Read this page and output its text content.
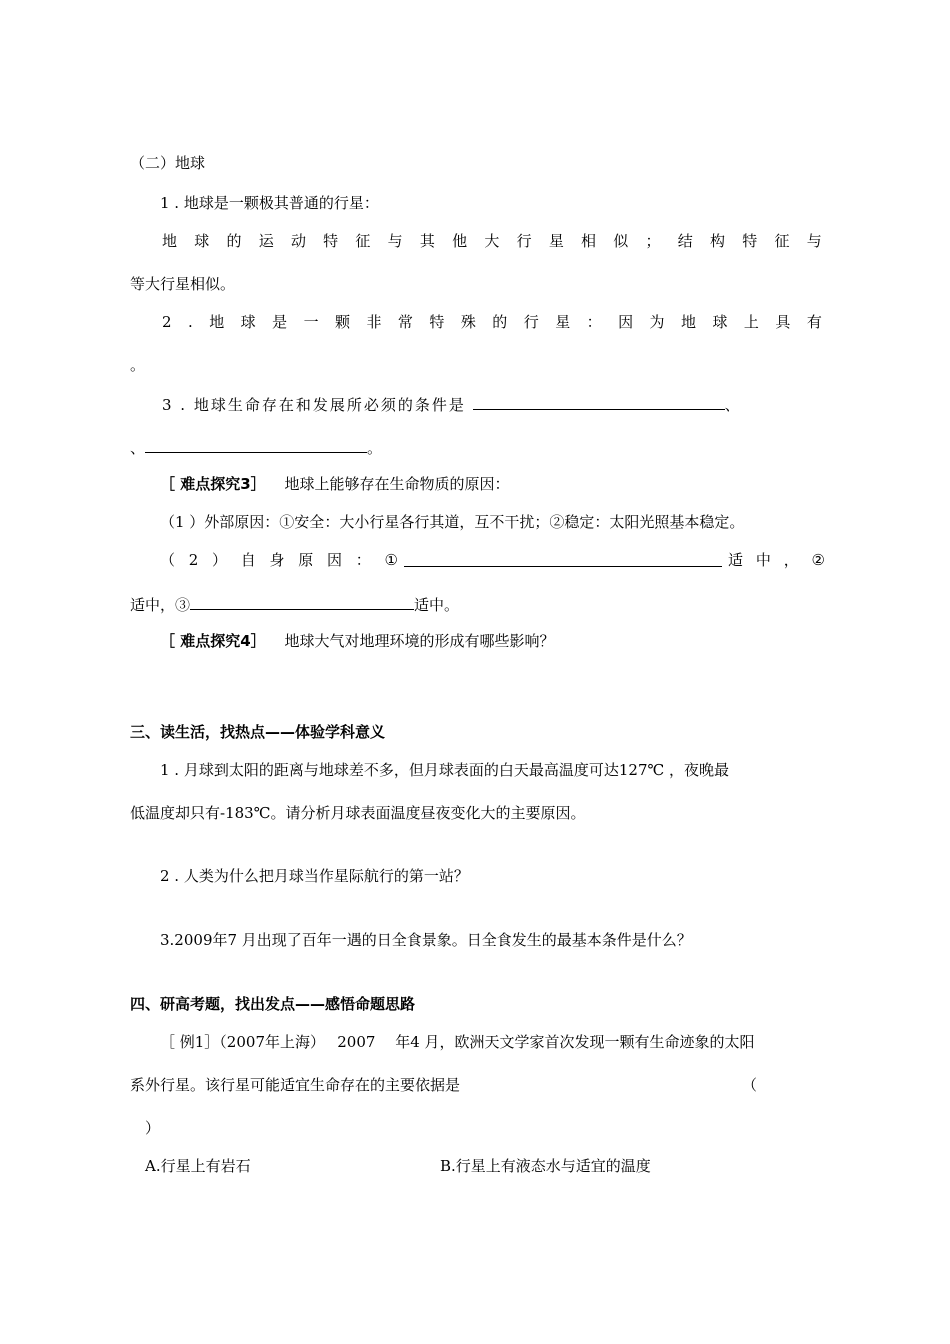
（二）地球
1 . 地球是一颗极其普通的行星：
地 球 的 运 动 特 征 与 其 他 大 行 星 相 似 ； 结 构 特 征 与
等大行星相似。
2 . 地 球 是 一 颗 非 常 特 殊 的 行 星 ： 因 为 地 球 上 具 有
。
3 . 地球生命存在和发展所必须的条件是	、
、	。
［ 难点探究3］ 地球上能够存在生命物质的原因：
（1 ）外部原因：①安全：大小行星各行其道，互不干扰；②稳定：太阳光照基本稳定。
（ 2 ） 自 身 原 因 ： ①	适 中 ， ②
适中，③	适中。
［ 难点探究4］ 地球大气对地理环境的形成有哪些影响？
三、读生活，找热点——体验学科意义
1 . 月球到太阳的距离与地球差不多，但月球表面的白天最高温度可达127℃ ，夜晚最
低温度却只有-183℃。请分析月球表面温度昼夜变化大的主要原因。
2 . 人类为什么把月球当作星际航行的第一站？
3.2009年7 月出现了百年一遇的日全食景象。日全食发生的最基本条件是什么？
四、研高考题，找出发点——感悟命题思路
［ 例1］（2007年上海）　 2007　 年4 月，欧洲天文学家首次发现一颗有生命迹象的太阳
系外行星。该行星可能适宜生命存在的主要依据是	（
）
A.行星上有岩石	B.行星上有液态水与适宜的温度
